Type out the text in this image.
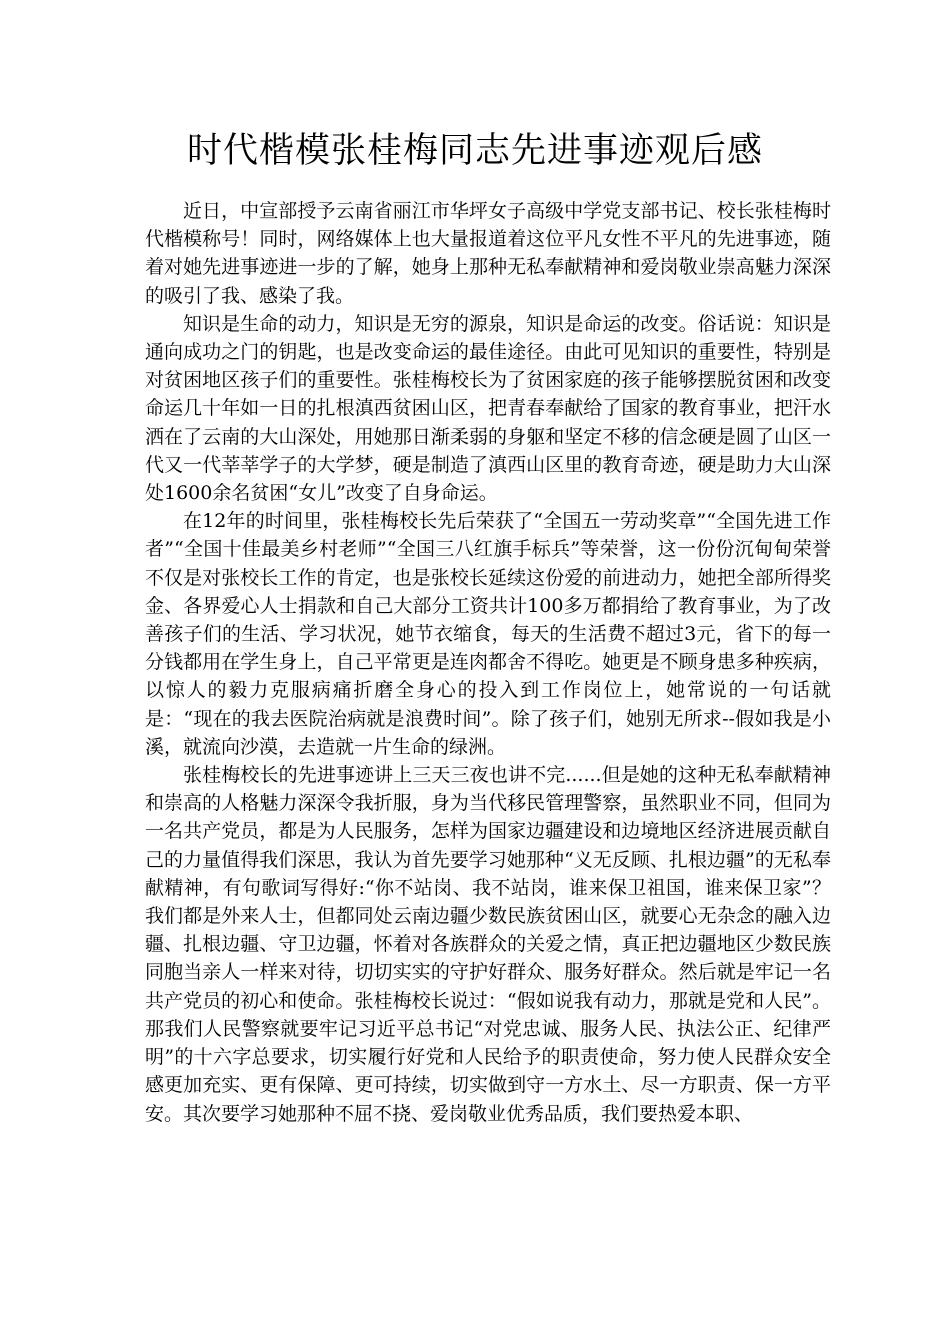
时代楷模张桂梅同志先进事迹观后感

近日，中宣部授予云南省丽江市华坪女子高级中学党支部书记、校长张桂梅时代楷模称号！同时，网络媒体上也大量报道着这位平凡女性不平凡的先进事迹，随着对她先进事迹进一步的了解，她身上那种无私奉献精神和爱岗敬业崇高魅力深深的吸引了我、感染了我。

知识是生命的动力，知识是无穷的源泉，知识是命运的改变。俗话说：知识是通向成功之门的钥匙，也是改变命运的最佳途径。由此可见知识的重要性，特别是对贫困地区孩子们的重要性。张桂梅校长为了贫困家庭的孩子能够摆脱贫困和改变命运几十年如一日的扎根滇西贫困山区，把青春奉献给了国家的教育事业，把汗水洒在了云南的大山深处，用她那日渐柔弱的身躯和坚定不移的信念硬是圆了山区一代又一代莘莘学子的大学梦，硬是制造了滇西山区里的教育奇迹，硬是助力大山深处1600余名贫困“女儿”改变了自身命运。

在12年的时间里，张桂梅校长先后荣获了“全国五一劳动奖章”“全国先进工作者”“全国十佳最美乡村老师”“全国三八红旗手标兵”等荣誉，这一份份沉甸甸荣誉不仅是对张校长工作的肯定，也是张校长延续这份爱的前进动力，她把全部所得奖金、各界爱心人士捐款和自己大部分工资共计100多万都捐给了教育事业，为了改善孩子们的生活、学习状况，她节衣缩食，每天的生活费不超过3元，省下的每一分钱都用在学生身上，自己平常更是连肉都舍不得吃。她更是不顾身患多种疾病，以惊人的毅力克服病痛折磨全身心的投入到工作岗位上，她常说的一句话就是：“现在的我去医院治病就是浪费时间”。除了孩子们，她别无所求--假如我是小溪，就流向沙漠，去造就一片生命的绿洲。

张桂梅校长的先进事迹讲上三天三夜也讲不完......但是她的这种无私奉献精神和崇高的人格魅力深深令我折服，身为当代移民管理警察，虽然职业不同，但同为一名共产党员，都是为人民服务，怎样为国家边疆建设和边境地区经济进展贡献自己的力量值得我们深思，我认为首先要学习她那种“义无反顾、扎根边疆”的无私奉献精神，有句歌词写得好:“你不站岗、我不站岗，谁来保卫祖国，谁来保卫家”？我们都是外来人士，但都同处云南边疆少数民族贫困山区，就要心无杂念的融入边疆、扎根边疆、守卫边疆，怀着对各族群众的关爱之情，真正把边疆地区少数民族同胞当亲人一样来对待，切切实实的守护好群众、服务好群众。然后就是牢记一名共产党员的初心和使命。张桂梅校长说过：“假如说我有动力，那就是党和人民”。那我们人民警察就要牢记习近平总书记“对党忠诚、服务人民、执法公正、纪律严明”的十六字总要求，切实履行好党和人民给予的职责使命，努力使人民群众安全感更加充实、更有保障、更可持续，切实做到守一方水土、尽一方职责、保一方平安。其次要学习她那种不屈不挠、爱岗敬业优秀品质，我们要热爱本职、
